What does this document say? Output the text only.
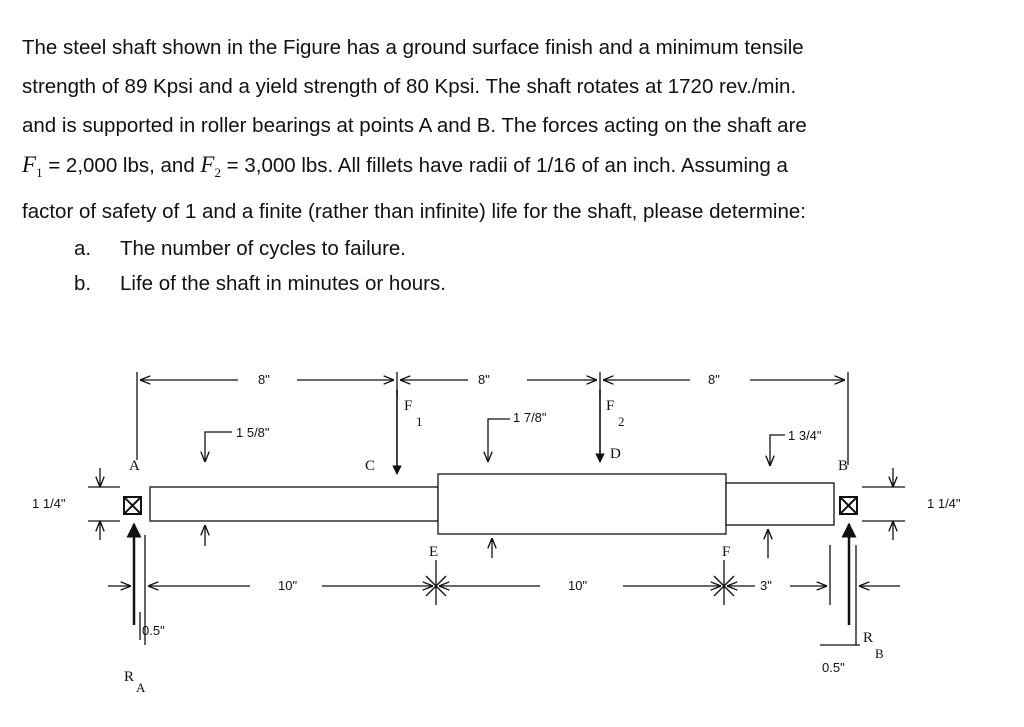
The steel shaft shown in the Figure has a ground surface finish and a minimum tensile

strength of 89 Kpsi and a yield strength of 80 Kpsi. The shaft rotates at 1720 rev./min.

and is supported in roller bearings at points A and B. The forces acting on the shaft are

$F_1 = 2,000$ lbs, and $F_2 = 3,000$ lbs. All fillets have radii of 1/16 of an inch. Assuming a

factor of safety of 1 and a finite (rather than infinite) life for the shaft, please determine:

a. The number of cycles to failure.
b. Life of the shaft in minutes or hours.
8"	8"	8"
1 5/8"
1 7/8"
1 3/4"
1 1/4"	1 1/4"
A	B
C
D
E	F
F
1
F
2
10"	10"	3"
0.5"
0.5"
R
A
R
B
